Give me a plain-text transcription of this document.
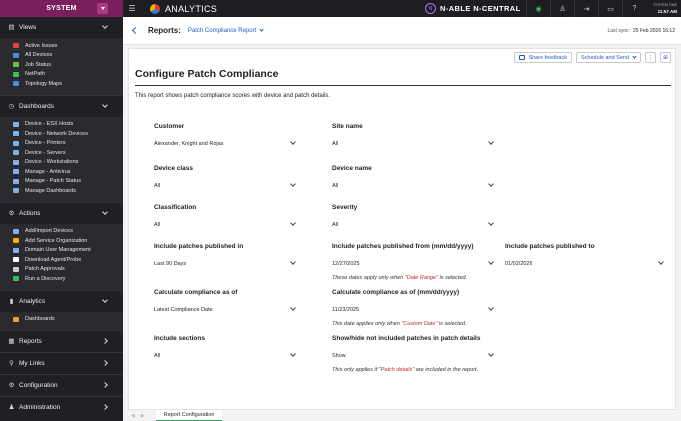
SYSTEM
▤ Views
Active Issues
All Devices
Job Status
NetPath
Topology Maps
◷ Dashboards
Device - ESX Hosts
Device - Network Devices
Device - Printers
Device - Servers
Device - Workstations
Manage - Antivirus
Manage - Patch Status
Manage Dashboards
⚙ Actions
Add/Import Devices
Add Service Organization
Domain User Management
Download Agent/Probe
Patch Approvals
Run a Discovery
▮ Analytics
Dashboards
▦ Reports
⚲ My Links
⚙ Configuration
♟ Administration
☰	ANALYTICS	N	N-ABLE N-CENTRAL	◉	♙	⇥	▭	?	SYSTEM TIME
11:57 AM
Reports: Patch Compliance Report	Last sync: 25 Feb 2026 16:12
Share feedback	Schedule and Send	⋮ ⊞
Configure Patch Compliance
This report shows patch compliance scores with device and patch details.
Customer
Alexander, Knight and Rojas
Site name
All
Device class
All
Device name
All
Classification
All
Severity
All
Include patches published in
Last 90 Days
Include patches published from (mm/dd/yyyy)
12/27/2025
These dates apply only when "Date Range" is selected.
Include patches published to
01/02/2026
Calculate compliance as of
Latest Compliance Date
Calculate compliance as of (mm/dd/yyyy)
11/23/2025
This date applies only when "Custom Date" is selected.
Include sections
All
Show/hide not included patches in patch details
Show
This only applies if "Patch details" are included in the report.
◀ ▶	Report Configuration
